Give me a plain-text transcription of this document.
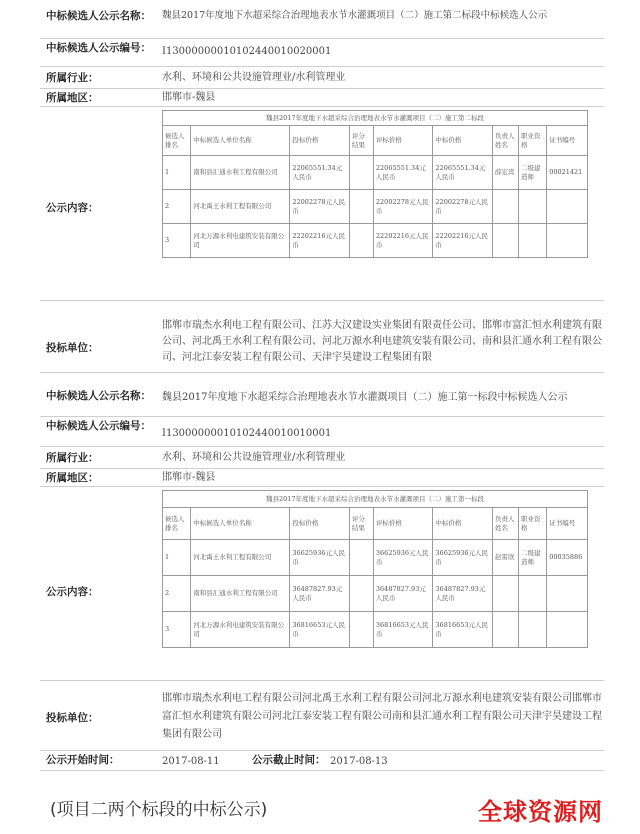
中标候选人公示名称：	魏县2017年度地下水超采综合治理地表水节水灌溉项目（二）施工第二标段中标候选人公示
中标候选人公示编号：	I13000000010102440010020001
所属行业：	水利、环境和公共设施管理业/水利管理业
所属地区：	邯郸市-魏县
公示内容：
魏县2017年度地下水超采综合治理地表水节水灌溉项目（二）施工第二标段								
候选人排名	中标候选人单位名称	投标价格	评分结果	评标价格	中标价格	负责人姓名	职业资格	证书编号
1	南和县汇通水利工程有限公司	22065551.34元人民币		22065551.34元人民币	22065551.34元人民币	薛宏宾	二级建造师	00021421
2	河北禹王水利工程有限公司	22002278元人民币		22002278元人民币	22002278元人民币			
3	河北万源水利电建筑安装有限公司	22202216元人民币		22202216元人民币	22202216元人民币			
投标单位：
邯郸市瑞杰水利电工程有限公司、江苏大汉建设实业集团有限责任公司、邯郸市富汇恒水利建筑有限公司、河北禹王水利工程有限公司、河北万源水利电建筑安装有限公司、南和县汇通水利工程有限公司、河北江泰安装工程有限公司、天津宇昊建设工程集团有限
中标候选人公示名称：	魏县2017年度地下水超采综合治理地表水节水灌溉项目（二）施工第一标段中标候选人公示
中标候选人公示编号：
I13000000010102440010010001
所属行业：	水利、环境和公共设施管理业/水利管理业
所属地区：	邯郸市-魏县
公示内容：
魏县2017年度地下水超采综合治理地表水节水灌溉项目（二）施工第一标段								
候选人排名	中标候选人单位名称	投标价格	评分结果	评标价格	中标价格	负责人姓名	职业资格	证书编号
1	河北禹王水利工程有限公司	36625936元人民币		36625936元人民币	36625936元人民币	赵雷欣	二级建造师	00035886
2	南和县汇通水利工程有限公司	36487827.93元人民币		36487827.93元人民币	36487827.93元人民币			
3	河北万源水利电建筑安装有限公司	36816653元人民币		36816653元人民币	36816653元人民币			
投标单位：
邯郸市瑞杰水利电工程有限公司河北禹王水利工程有限公司河北万源水利电建筑安装有限公司邯郸市富汇恒水利建筑有限公司河北江泰安装工程有限公司南和县汇通水利工程有限公司天津宇昊建设工程集团有限公司
公示开始时间：	2017-08-11	公示截止时间： 2017-08-13
(项目二两个标段的中标公示)	全球资源网
